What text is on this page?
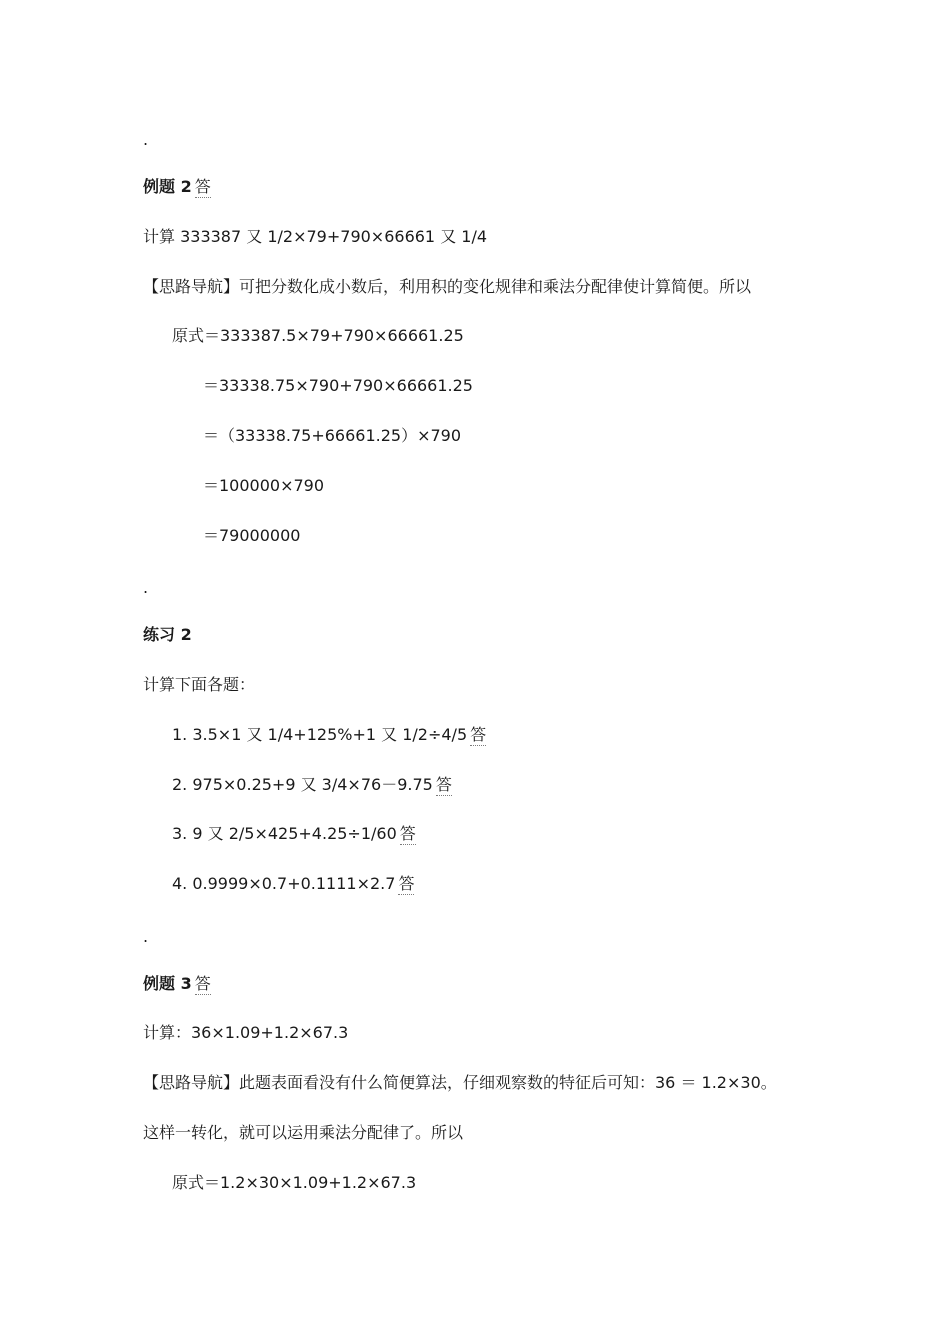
.
例题 2 答
计算 333387 又 1/2×79+790×66661 又 1/4
【思路导航】可把分数化成小数后，利用积的变化规律和乘法分配律使计算简便。所以
原式＝333387.5×79+790×66661.25
＝33338.75×790+790×66661.25
＝（33338.75+66661.25）×790
＝100000×790
＝79000000
.
练习 2
计算下面各题：
1. 3.5×1 又 1/4+125%+1 又 1/2÷4/5 答
2. 975×0.25+9 又 3/4×76－9.75 答
3. 9 又 2/5×425+4.25÷1/60 答
4. 0.9999×0.7+0.1111×2.7 答
.
例题 3 答
计算：36×1.09+1.2×67.3
【思路导航】此题表面看没有什么简便算法，仔细观察数的特征后可知：36 ＝ 1.2×30。
这样一转化，就可以运用乘法分配律了。所以
原式＝1.2×30×1.09+1.2×67.3
